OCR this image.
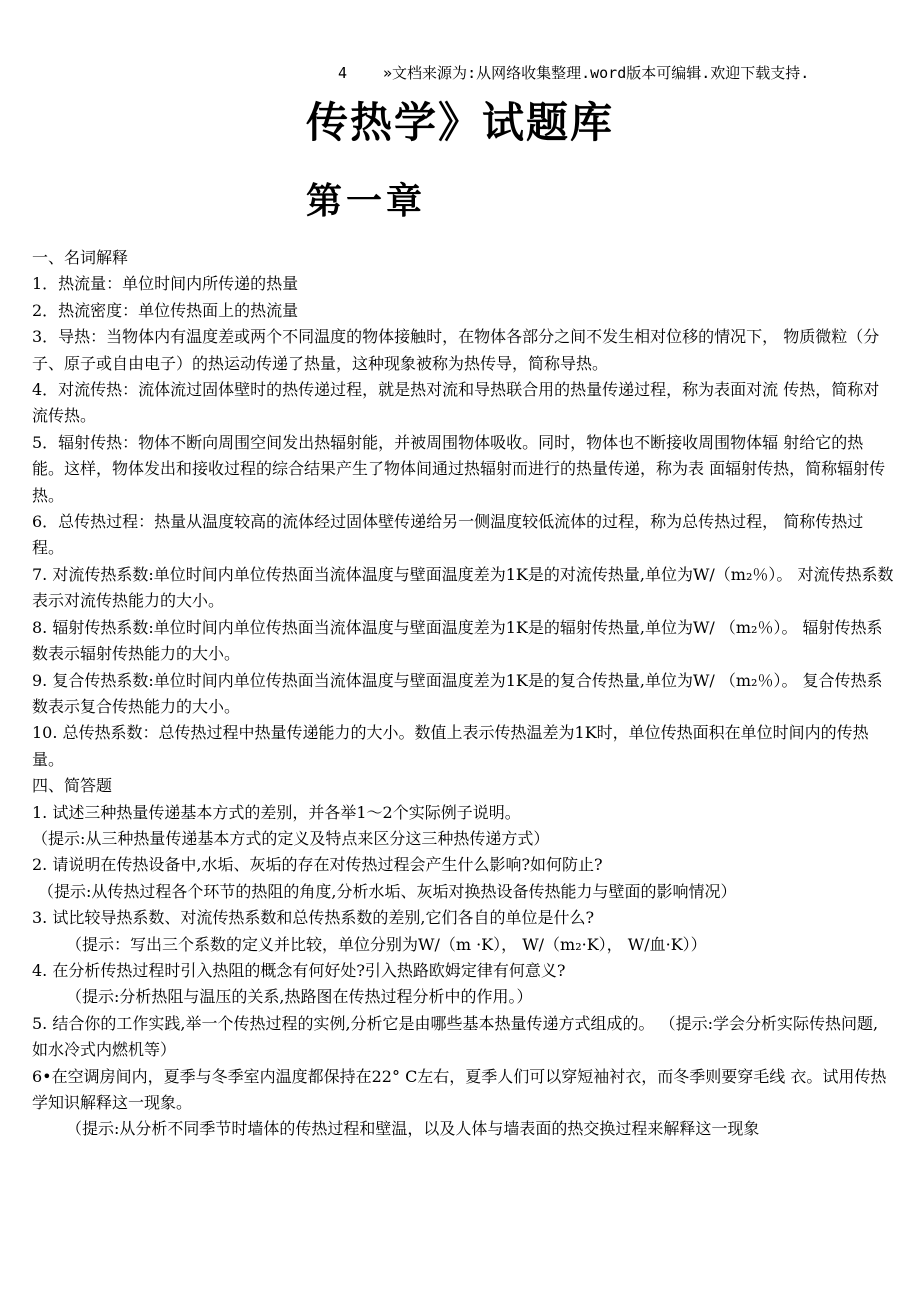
4 »文档来源为:从网络收集整理.word版本可编辑.欢迎下载支持.
传热学》试题库
第一章

一、名词解释

1．热流量：单位时间内所传递的热量

2．热流密度：单位传热面上的热流量

3．导热：当物体内有温度差或两个不同温度的物体接触时，在物体各部分之间不发生相对位移的情况下， 物质微粒（分子、原子或自由电子）的热运动传递了热量，这种现象被称为热传导，简称导热。

4．对流传热：流体流过固体壁时的热传递过程，就是热对流和导热联合用的热量传递过程，称为表面对流 传热，简称对流传热。

5．辐射传热：物体不断向周围空间发出热辐射能，并被周围物体吸收。同时，物体也不断接收周围物体辐 射给它的热能。这样，物体发出和接收过程的综合结果产生了物体间通过热辐射而进行的热量传递，称为表 面辐射传热，简称辐射传热。

6．总传热过程：热量从温度较高的流体经过固体壁传递给另一侧温度较低流体的过程，称为总传热过程， 简称传热过程。

7. 对流传热系数:单位时间内单位传热面当流体温度与壁面温度差为1K是的对流传热量,单位为W/（m₂％）。 对流传热系数表示对流传热能力的大小。

8. 辐射传热系数:单位时间内单位传热面当流体温度与壁面温度差为1K是的辐射传热量,单位为W/ （m₂％）。 辐射传热系数表示辐射传热能力的大小。

9. 复合传热系数:单位时间内单位传热面当流体温度与壁面温度差为1K是的复合传热量,单位为W/ （m₂％）。 复合传热系数表示复合传热能力的大小。

10. 总传热系数：总传热过程中热量传递能力的大小。数值上表示传热温差为1K时，单位传热面积在单位时间内的传热量。

四、简答题

1. 试述三种热量传递基本方式的差别，并各举1～2个实际例子说明。

（提示:从三种热量传递基本方式的定义及特点来区分这三种热传递方式）

2. 请说明在传热设备中,水垢、灰垢的存在对传热过程会产生什么影响?如何防止?

（提示:从传热过程各个环节的热阻的角度,分析水垢、灰垢对换热设备传热能力与壁面的影响情况）

3. 试比较导热系数、对流传热系数和总传热系数的差别,它们各自的单位是什么?

（提示：写出三个系数的定义并比较，单位分别为W/（m ·K）， W/（m₂·K）， W/血·K））

4. 在分析传热过程时引入热阻的概念有何好处?引入热路欧姆定律有何意义?

（提示:分析热阻与温压的关系,热路图在传热过程分析中的作用。）

5. 结合你的工作实践,举一个传热过程的实例,分析它是由哪些基本热量传递方式组成的。 （提示:学会分析实际传热问题,如水冷式内燃机等）

6•在空调房间内，夏季与冬季室内温度都保持在22° C左右，夏季人们可以穿短袖衬衣，而冬季则要穿毛线 衣。试用传热学知识解释这一现象。

（提示:从分析不同季节时墙体的传热过程和壁温，以及人体与墙表面的热交换过程来解释这一现象
